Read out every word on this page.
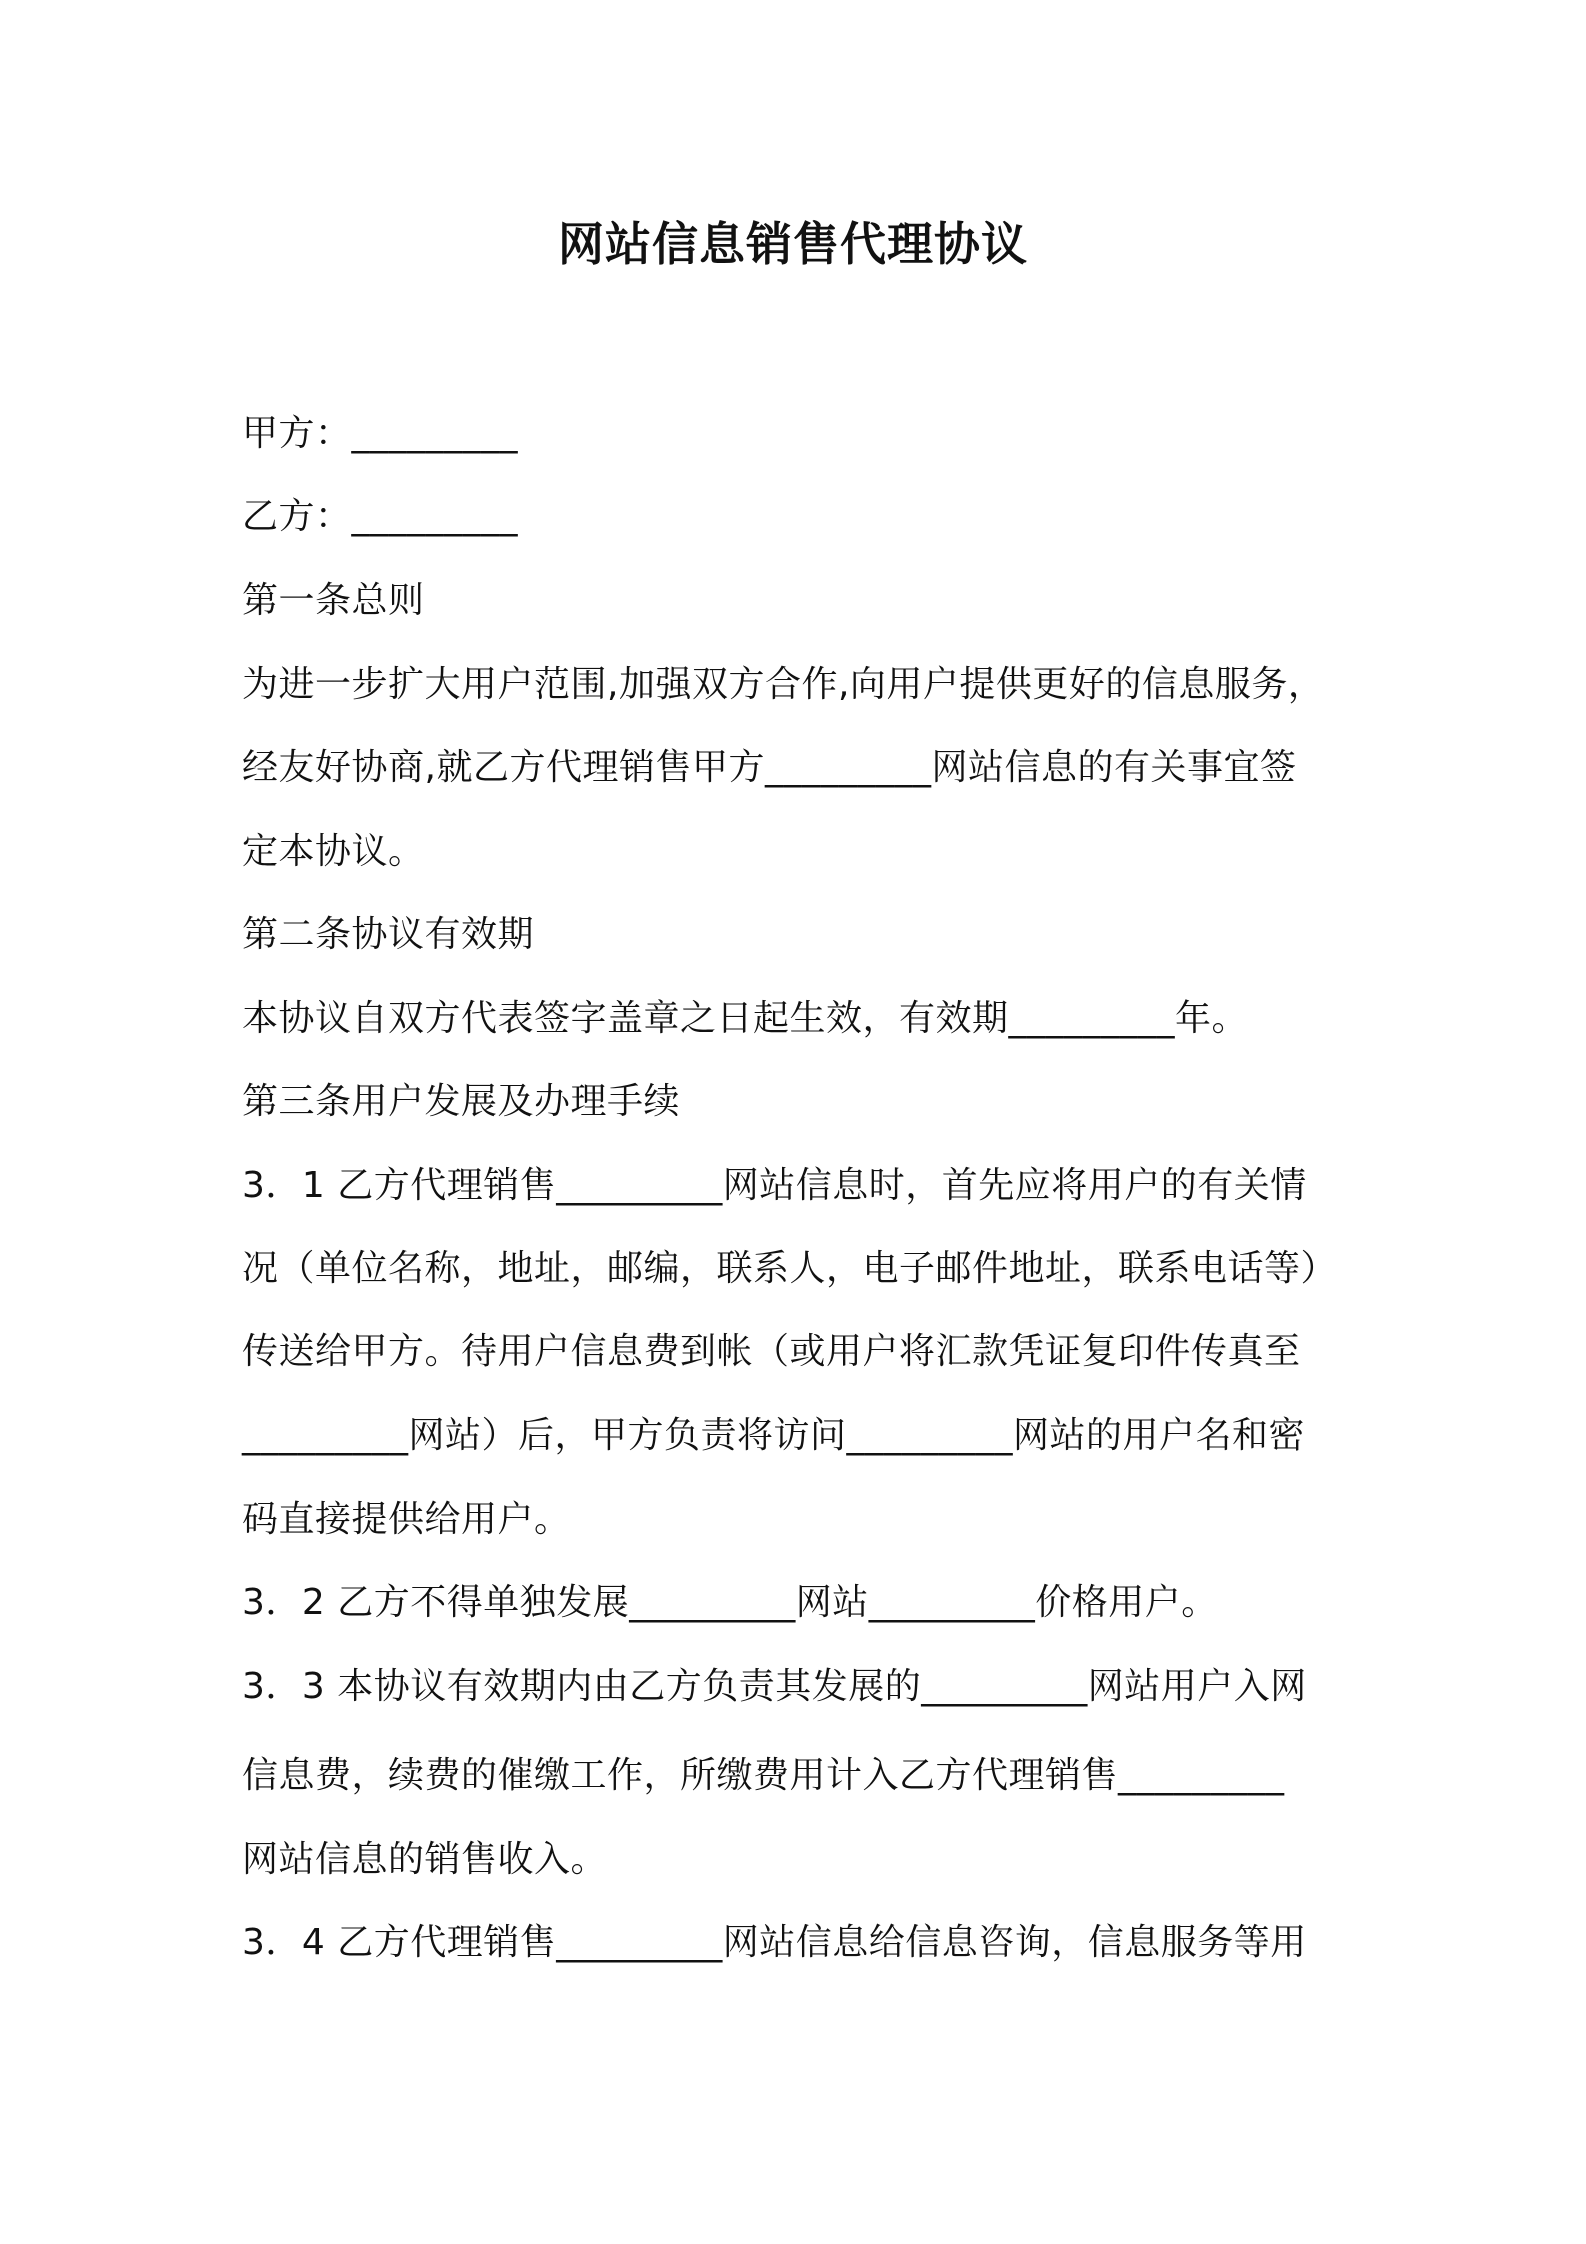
网站信息销售代理协议
甲方：_________
乙方：_________
第一条总则
为进一步扩大用户范围,加强双方合作,向用户提供更好的信息服务，
经友好协商,就乙方代理销售甲方_________网站信息的有关事宜签
定本协议。
第二条协议有效期
本协议自双方代表签字盖章之日起生效，有效期_________年。
第三条用户发展及办理手续
3．1 乙方代理销售_________网站信息时，首先应将用户的有关情
况（单位名称，地址，邮编，联系人，电子邮件地址，联系电话等）
传送给甲方。待用户信息费到帐（或用户将汇款凭证复印件传真至
_________网站）后，甲方负责将访问_________网站的用户名和密
码直接提供给用户。
3．2 乙方不得单独发展_________网站_________价格用户。
3．3 本协议有效期内由乙方负责其发展的_________网站用户入网
信息费，续费的催缴工作，所缴费用计入乙方代理销售_________
网站信息的销售收入。
3．4 乙方代理销售_________网站信息给信息咨询，信息服务等用
